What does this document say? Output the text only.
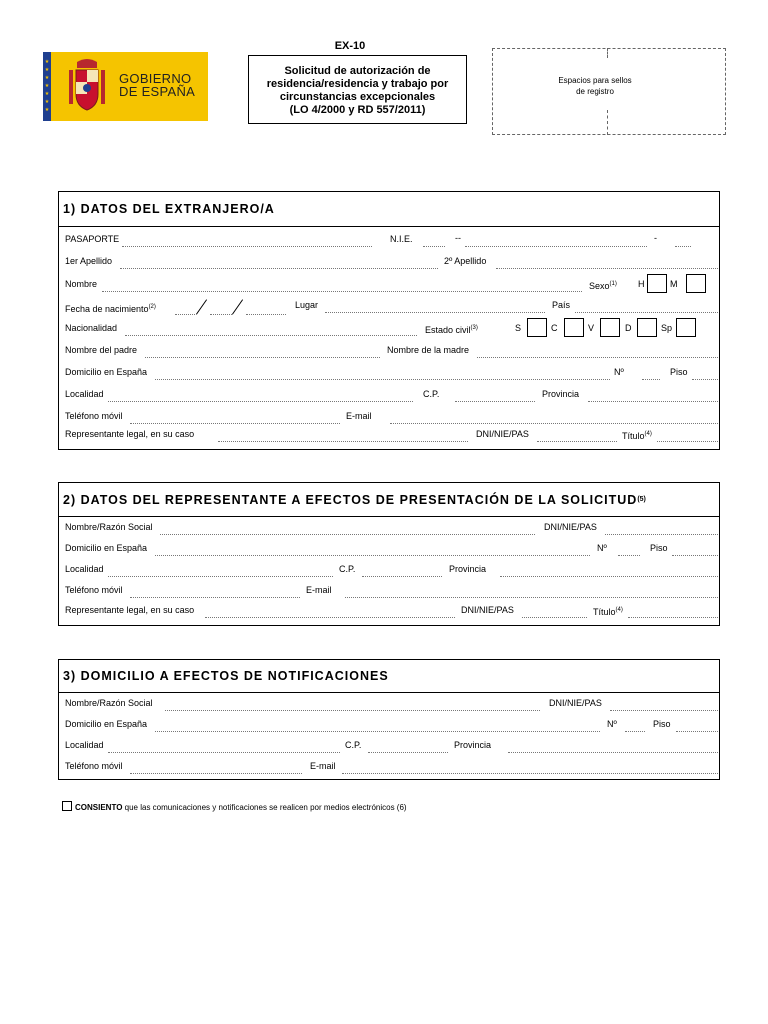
★
★
★
★
★
★
★
GOBIERNO
DE ESPAÑA
EX-10
Solicitud de autorización de
residencia/residencia y trabajo por
circunstancias excepcionales
(LO 4/2000 y RD 557/2011)
Espacios para sellos
de registro
1) DATOS DEL EXTRANJERO/A
PASAPORTE	N.I.E.	--	-
1er Apellido	2º Apellido
Nombre	Sexo$^{(1)}$ H	M
Fecha de nacimiento$^{(2)}$	Lugar	País
Nacionalidad	Estado civil$^{(3)}$	S	C	V	D	Sp
Nombre del padre	Nombre de la madre
Domicilio en España	Nº	Piso
Localidad	C.P.	Provincia
Teléfono móvil	E-mail
Representante legal, en su caso	DNI/NIE/PAS	Título$^{(4)}$
2) DATOS DEL REPRESENTANTE A EFECTOS DE PRESENTACIÓN DE LA SOLICITUD (5)
Nombre/Razón Social	DNI/NIE/PAS
Domicilio en España	Nº	Piso
Localidad	C.P.	Provincia
Teléfono móvil	E-mail
Representante legal, en su caso	DNI/NIE/PAS	Título$^{(4)}$
3) DOMICILIO A EFECTOS DE NOTIFICACIONES
Nombre/Razón Social	DNI/NIE/PAS
Domicilio en España	Nº	Piso
Localidad	C.P.	Provincia
Teléfono móvil	E-mail
CONSIENTO que las comunicaciones y notificaciones se realicen por medios electrónicos (6)
